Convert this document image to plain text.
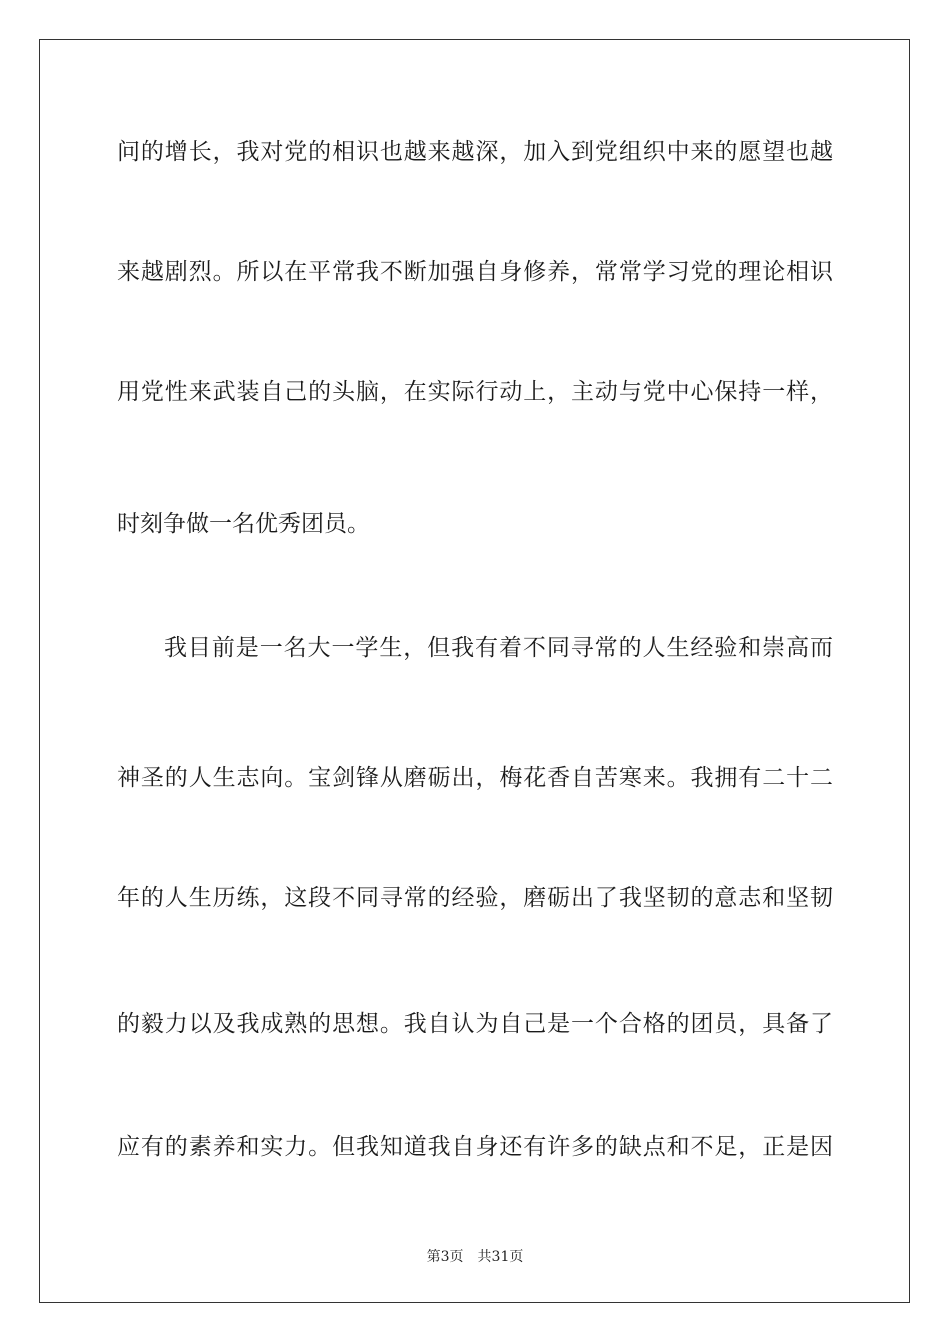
问的增长，我对党的相识也越来越深，加入到党组织中来的愿望也越
来越剧烈。所以在平常我不断加强自身修养，常常学习党的理论相识
用党性来武装自己的头脑，在实际行动上，主动与党中心保持一样，
时刻争做一名优秀团员。
我目前是一名大一学生，但我有着不同寻常的人生经验和崇高而
神圣的人生志向。宝剑锋从磨砺出，梅花香自苦寒来。我拥有二十二
年的人生历练，这段不同寻常的经验，磨砺出了我坚韧的意志和坚韧
的毅力以及我成熟的思想。我自认为自己是一个合格的团员，具备了
应有的素养和实力。但我知道我自身还有许多的缺点和不足，正是因
第3页 共31页
